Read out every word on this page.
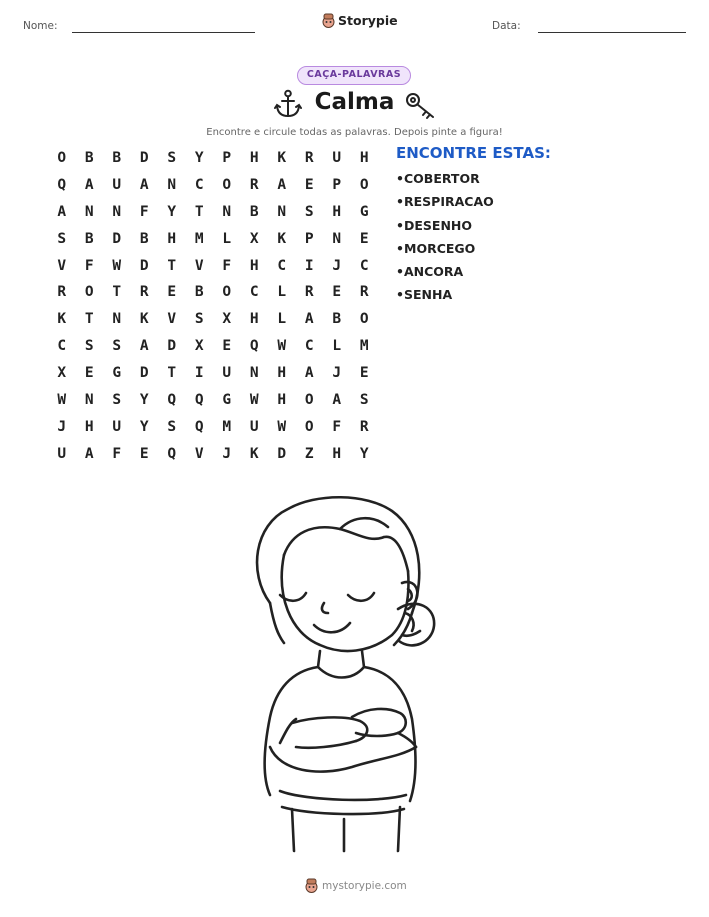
Nome:	Storypie	Data:
CAÇA-PALAVRAS
Calma
Encontre e circule todas as palavras. Depois pinte a figura!
O	B	B	D	S	Y	P	H	K	R	U	H
Q	A	U	A	N	C	O	R	A	E	P	O
A	N	N	F	Y	T	N	B	N	S	H	G
S	B	D	B	H	M	L	X	K	P	N	E
V	F	W	D	T	V	F	H	C	I	J	C
R	O	T	R	E	B	O	C	L	R	E	R
K	T	N	K	V	S	X	H	L	A	B	O
C	S	S	A	D	X	E	Q	W	C	L	M
X	E	G	D	T	I	U	N	H	A	J	E
W	N	S	Y	Q	Q	G	W	H	O	A	S
J	H	U	Y	S	Q	M	U	W	O	F	R
U	A	F	E	Q	V	J	K	D	Z	H	Y
ENCONTRE ESTAS:
• COBERTOR
• RESPIRACAO
• DESENHO
• MORCEGO
• ANCORA
• SENHA
mystorypie.com
